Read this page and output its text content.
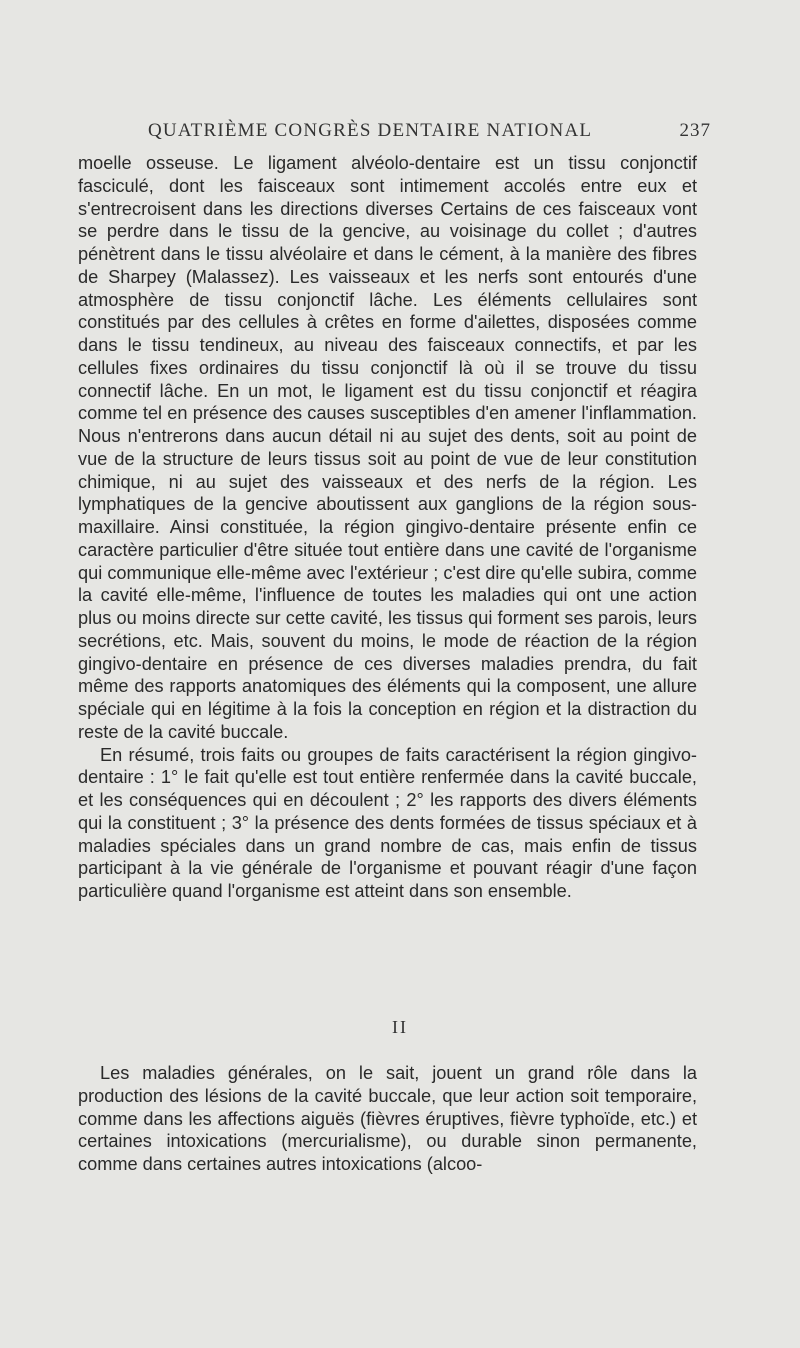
QUATRIÈME CONGRÈS DENTAIRE NATIONAL	237

moelle osseuse. Le ligament alvéolo-dentaire est un tissu conjonctif fasciculé, dont les faisceaux sont intimement accolés entre eux et s'entrecroisent dans les directions diverses Certains de ces faisceaux vont se perdre dans le tissu de la gencive, au voisinage du collet ; d'autres pénètrent dans le tissu alvéolaire et dans le cément, à la manière des fibres de Sharpey (Malassez). Les vaisseaux et les nerfs sont entourés d'une atmosphère de tissu conjonctif lâche. Les éléments cellulaires sont constitués par des cellules à crêtes en forme d'ailettes, disposées comme dans le tissu tendineux, au niveau des faisceaux connectifs, et par les cellules fixes ordinaires du tissu conjonctif là où il se trouve du tissu connectif lâche. En un mot, le ligament est du tissu conjonctif et réagira comme tel en présence des causes susceptibles d'en amener l'inflammation. Nous n'entrerons dans aucun détail ni au sujet des dents, soit au point de vue de la structure de leurs tissus soit au point de vue de leur constitution chimique, ni au sujet des vaisseaux et des nerfs de la région. Les lymphatiques de la gencive aboutissent aux ganglions de la région sous-maxillaire. Ainsi constituée, la région gingivo-dentaire présente enfin ce caractère particulier d'être située tout entière dans une cavité de l'organisme qui communique elle-même avec l'extérieur ; c'est dire qu'elle subira, comme la cavité elle-même, l'influence de toutes les maladies qui ont une action plus ou moins directe sur cette cavité, les tissus qui forment ses parois, leurs secrétions, etc. Mais, souvent du moins, le mode de réaction de la région gingivo-dentaire en présence de ces diverses maladies prendra, du fait même des rapports anatomiques des éléments qui la composent, une allure spéciale qui en légitime à la fois la conception en région et la distraction du reste de la cavité buccale.

En résumé, trois faits ou groupes de faits caractérisent la région gingivo-dentaire : 1° le fait qu'elle est tout entière renfermée dans la cavité buccale, et les conséquences qui en découlent ; 2° les rapports des divers éléments qui la constituent ; 3° la présence des dents formées de tissus spéciaux et à maladies spéciales dans un grand nombre de cas, mais enfin de tissus participant à la vie générale de l'organisme et pouvant réagir d'une façon particulière quand l'organisme est atteint dans son ensemble.

II

Les maladies générales, on le sait, jouent un grand rôle dans la production des lésions de la cavité buccale, que leur action soit temporaire, comme dans les affections aiguës (fièvres éruptives, fièvre typhoïde, etc.) et certaines intoxications (mercurialisme), ou durable sinon permanente, comme dans certaines autres intoxications (alcoo-
